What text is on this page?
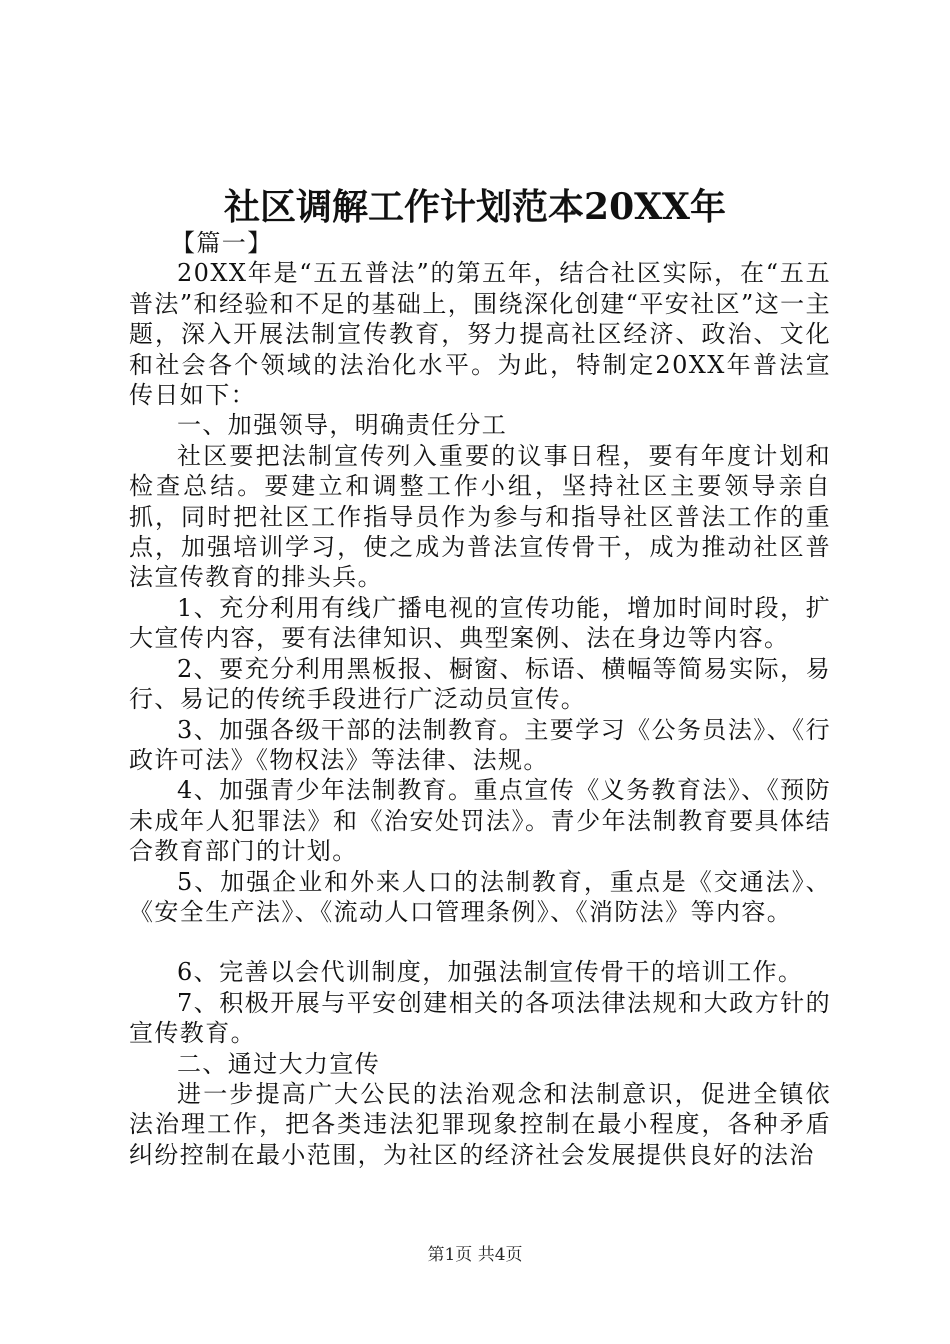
社区调解工作计划范本20XX年

【篇一】

20XX年是“五五普法”的第五年，结合社区实际，在“五五普法”和经验和不足的基础上，围绕深化创建“平安社区”这一主题，深入开展法制宣传教育，努力提高社区经济、政治、文化和社会各个领域的法治化水平。为此，特制定20XX年普法宣传日如下：

一、加强领导，明确责任分工

社区要把法制宣传列入重要的议事日程，要有年度计划和检查总结。要建立和调整工作小组，坚持社区主要领导亲自抓，同时把社区工作指导员作为参与和指导社区普法工作的重点，加强培训学习，使之成为普法宣传骨干，成为推动社区普法宣传教育的排头兵。

1、充分利用有线广播电视的宣传功能，增加时间时段，扩大宣传内容，要有法律知识、典型案例、法在身边等内容。

2、要充分利用黑板报、橱窗、标语、横幅等简易实际，易行、易记的传统手段进行广泛动员宣传。

3、加强各级干部的法制教育。主要学习《公务员法》、《行政许可法》《物权法》等法律、法规。

4、加强青少年法制教育。重点宣传《义务教育法》、《预防未成年人犯罪法》和《治安处罚法》。青少年法制教育要具体结合教育部门的计划。

5、加强企业和外来人口的法制教育，重点是《交通法》、《安全生产法》、《流动人口管理条例》、《消防法》等内容。

6、完善以会代训制度，加强法制宣传骨干的培训工作。

7、积极开展与平安创建相关的各项法律法规和大政方针的宣传教育。

二、通过大力宣传

进一步提高广大公民的法治观念和法制意识，促进全镇依法治理工作，把各类违法犯罪现象控制在最小程度，各种矛盾纠纷控制在最小范围，为社区的经济社会发展提供良好的法治

第1页 共4页
